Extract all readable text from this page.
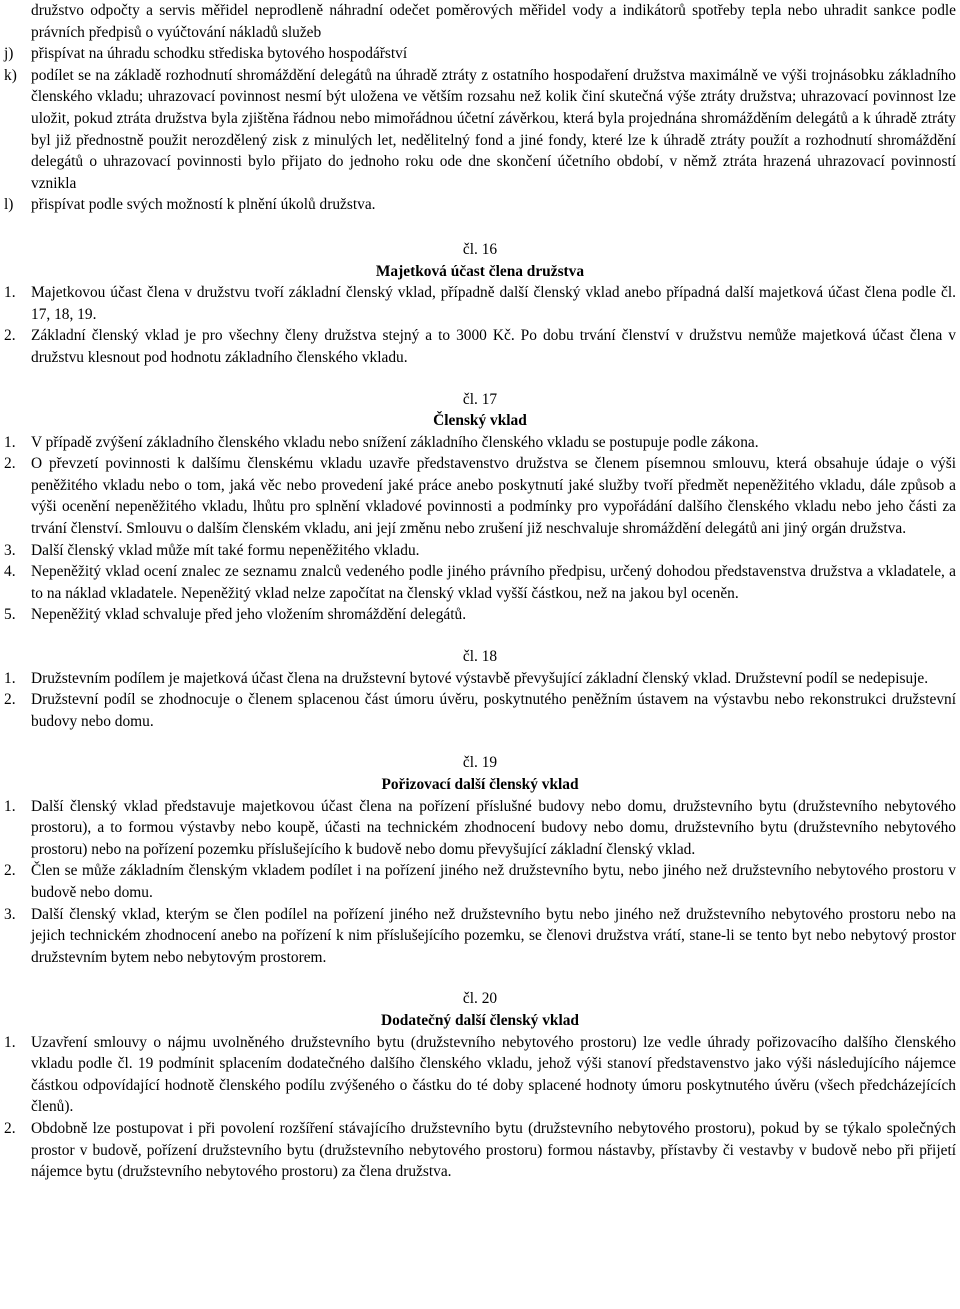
družstvo odpočty a servis měřidel neprodleně náhradní odečet poměrových měřidel vody a indikátorů spotřeby tepla nebo uhradit sankce podle právních předpisů o vyúčtování nákladů služeb
j) přispívat na úhradu schodku střediska bytového hospodářství
k) podílet se na základě rozhodnutí shromáždění delegátů na úhradě ztráty z ostatního hospodaření družstva maximálně ve výši trojnásobku základního členského vkladu; uhrazovací povinnost nesmí být uložena ve větším rozsahu než kolik činí skutečná výše ztráty družstva; uhrazovací povinnost lze uložit, pokud ztráta družstva byla zjištěna řádnou nebo mimořádnou účetní závěrkou, která byla projednána shromážděním delegátů a k úhradě ztráty byl již přednostně použit nerozdělený zisk z minulých let, nedělitelný fond a jiné fondy, které lze k úhradě ztráty použít a rozhodnutí shromáždění delegátů o uhrazovací povinnosti bylo přijato do jednoho roku ode dne skončení účetního období, v němž ztráta hrazená uhrazovací povinností vznikla
l) přispívat podle svých možností k plnění úkolů družstva.
čl. 16
Majetková účast člena družstva
1. Majetkovou účast člena v družstvu tvoří základní členský vklad, případně další členský vklad anebo případná další majetková účast člena podle čl. 17, 18, 19.
2. Základní členský vklad je pro všechny členy družstva stejný a to 3000 Kč. Po dobu trvání členství v družstvu nemůže majetková účast člena v družstvu klesnout pod hodnotu základního členského vkladu.
čl. 17
Členský vklad
1. V případě zvýšení základního členského vkladu nebo snížení základního členského vkladu se postupuje podle zákona.
2. O převzetí povinnosti k dalšímu členskému vkladu uzavře představenstvo družstva se členem písemnou smlouvu, která obsahuje údaje o výši peněžitého vkladu nebo o tom, jaká věc nebo provedení jaké práce anebo poskytnutí jaké služby tvoří předmět nepeněžitého vkladu, dále způsob a výši ocenění nepeněžitého vkladu, lhůtu pro splnění vkladové povinnosti a podmínky pro vypořádání dalšího členského vkladu nebo jeho části za trvání členství. Smlouvu o dalším členském vkladu, ani její změnu nebo zrušení již neschvaluje shromáždění delegátů ani jiný orgán družstva.
3. Další členský vklad může mít také formu nepeněžitého vkladu.
4. Nepeněžitý vklad ocení znalec ze seznamu znalců vedeného podle jiného právního předpisu, určený dohodou představenstva družstva a vkladatele, a to na náklad vkladatele. Nepeněžitý vklad nelze započítat na členský vklad vyšší částkou, než na jakou byl oceněn.
5. Nepeněžitý vklad schvaluje před jeho vložením shromáždění delegátů.
čl. 18
1. Družstevním podílem je majetková účast člena na družstevní bytové výstavbě převyšující základní členský vklad. Družstevní podíl se nedepisuje.
2. Družstevní podíl se zhodnocuje o členem splacenou část úmoru úvěru, poskytnutého peněžním ústavem na výstavbu nebo rekonstrukci družstevní budovy nebo domu.
čl. 19
Pořizovací další členský vklad
1. Další členský vklad představuje majetkovou účast člena na pořízení příslušné budovy nebo domu, družstevního bytu (družstevního nebytového prostoru), a to formou výstavby nebo koupě, účasti na technickém zhodnocení budovy nebo domu, družstevního bytu (družstevního nebytového prostoru) nebo na pořízení pozemku příslušejícího k budově nebo domu převyšující základní členský vklad.
2. Člen se může základním členským vkladem podílet i na pořízení jiného než družstevního bytu, nebo jiného než družstevního nebytového prostoru v budově nebo domu.
3. Další členský vklad, kterým se člen podílel na pořízení jiného než družstevního bytu nebo jiného než družstevního nebytového prostoru nebo na jejich technickém zhodnocení anebo na pořízení k nim příslušejícího pozemku, se členovi družstva vrátí, stane-li se tento byt nebo nebytový prostor družstevním bytem nebo nebytovým prostorem.
čl. 20
Dodatečný další členský vklad
1. Uzavření smlouvy o nájmu uvolněného družstevního bytu (družstevního nebytového prostoru) lze vedle úhrady pořizovacího dalšího členského vkladu podle čl. 19 podmínit splacením dodatečného dalšího členského vkladu, jehož výši stanoví představenstvo jako výši následujícího nájemce částkou odpovídající hodnotě členského podílu zvýšeného o částku do té doby splacené hodnoty úmoru poskytnutého úvěru (všech předcházejících členů).
2. Obdobně lze postupovat i při povolení rozšíření stávajícího družstevního bytu (družstevního nebytového prostoru), pokud by se týkalo společných prostor v budově, pořízení družstevního bytu (družstevního nebytového prostoru) formou nástavby, přístavby či vestavby v budově nebo při přijetí nájemce bytu (družstevního nebytového prostoru) za člena družstva.
